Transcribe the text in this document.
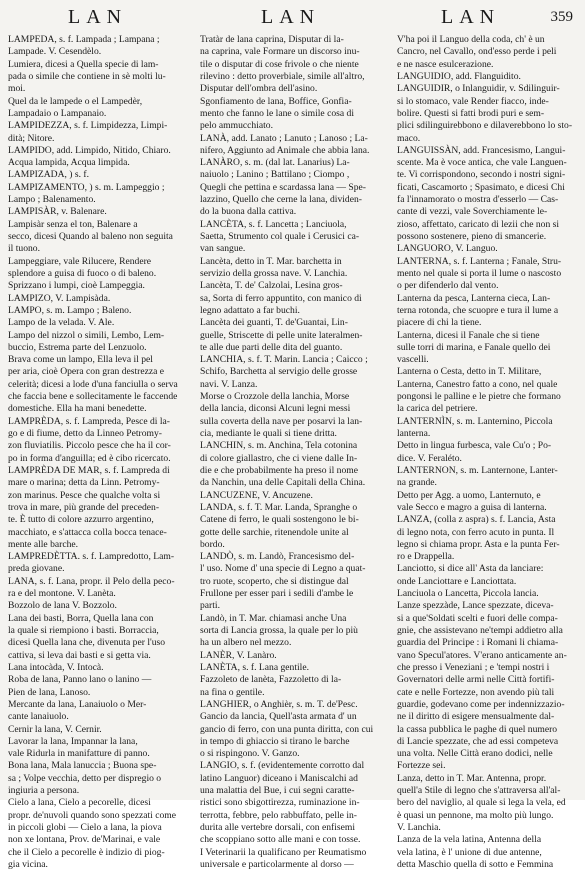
LAN	LAN	LAN	359
LAMPEDA, s. f. Lampada ; Lampana ;
Lampade. V. Cesendèlo.
Lumiera, dicesi a Quella specie di lam-
pada o simile che contiene in sè molti lu-
moi.
Quel da le lampede o el Lampedèr,
Lampadaio o Lampanaio.
LAMPIDEZZA, s. f. Limpidezza, Limpi-
dità; Nitore.
LAMPIDO, add. Limpido, Nitido, Chiaro.
Acqua lampida, Acqua limpida.
LAMPIZADA, ) s. f.
LAMPIZAMENTO, ) s. m. Lampeggio ;
Lampo ; Balenamento.
LAMPISÀR, v. Balenare.
Lampisàr senza el ton, Balenare a
secco, dicesi Quando al baleno non seguita
il tuono.
Lampeggiare, vale Rilucere, Rendere
splendore a guisa di fuoco o di baleno.
Sprizzano i lumpi, cioè Lampeggia.
LAMPIZO, V. Lampisàda.
LAMPO, s. m. Lampo ; Baleno.
Lampo de la velada. V. Ale.
Lampo del nizzol o simili, Lembo, Lem-
buccio, Estrema parte del Lenzuolo.
Brava come un lampo, Ella leva il pel
per aria, cioè Opera con gran destrezza e
celerità; dicesi a lode d'una fanciulla o serva
che faccia bene e sollecitamente le faccende
domestiche. Ella ha mani benedette.
LAMPRÈDA, s. f. Lampreda, Pesce di la-
go e di fiume, detto da Linneo Petromy-
zon fluviatilis. Piccolo pesce che ha il cor-
po in forma d'anguilla; ed è cibo ricercato.
LAMPRÈDA DE MAR, s. f. Lampreda di
mare o marina; detta da Linn. Petromy-
zon marinus. Pesce che qualche volta si
trova in mare, più grande del preceden-
te. È tutto di colore azzurro argentino,
macchiato, e s'attacca colla bocca tenace-
mente alle barche.
LAMPREDÈTTA. s. f. Lampredotto, Lam-
preda giovane.
LANA, s. f. Lana, propr. il Pelo della peco-
ra e del montone. V. Lanèta.
Bozzolo de lana V. Bozzolo.
Lana dei basti, Borra, Quella lana con
la quale si riempiono i basti. Borraccia,
dicesi Quella lana che, divenuta per l'uso
cattiva, si leva dai basti e si getta via.
Lana intocàda, V. Intocà.
Roba de lana, Panno lano o lanino —
Pien de lana, Lanoso.
Mercante da lana, Lanaiuolo o Mer-
cante lanaiuolo.
Cernir la lana, V. Cernir.
Lavorar la lana, Impannar la lana,
vale Ridurla in manifatture di panno.
Bona lana, Mala lanuccia ; Buona spe-
sa ; Volpe vecchia, detto per dispregio o
ingiuria a persona.
Cielo a lana, Cielo a pecorelle, dicesi
propr. de'nuvoli quando sono spezzati come
in piccoli globi — Cielo a lana, la piova
non xe lontana, Prov. de'Marinai, e vale
che il Cielo a pecorelle è indizio di piog-
gia vicina.
Tratàr de lana caprina, Disputar di la-
na caprina, vale Formare un discorso inu-
tile o disputar di cose frivole o che niente
rilevino : detto proverbiale, simile all'altro,
Disputar dell'ombra dell'asino.
Sgonfiamento de lana, Boffice, Gonfia-
mento che fanno le lane o simile cosa di
pelo ammucchiato.
LANÀ, add. Lanato ; Lanuto ; Lanoso ; La-
nifero, Aggiunto ad Animale che abbia lana.
LANÀRO, s. m. (dal lat. Lanarius) La-
naiuolo ; Lanino ; Battilano ; Ciompo ,
Quegli che pettina e scardassa lana — Spe-
lazzino, Quello che cerne la lana, dividen-
do la buona dalla cattiva.
LANCÈTA, s. f. Lancetta ; Lanciuola,
Saetta, Strumento col quale i Cerusici ca-
van sangue.
Lancèta, detto in T. Mar. barchetta in
servizio della grossa nave. V. Lanchia.
Lancèta, T. de' Calzolai, Lesina gros-
sa, Sorta di ferro appuntito, con manico di
legno adattato a far buchi.
Lancèta dei guanti, T. de'Guantai, Lin-
guelle, Striscette di pelle unite lateralmen-
te alle due parti delle dita del guanto.
LANCHIA, s. f. T. Marin. Lancia ; Caicco ;
Schifo, Barchetta al servigio delle grosse
navi. V. Lanza.
Morse o Crozzole della lanchia, Morse
della lancia, diconsi Alcuni legni messi
sulla coverta della nave per posarvi la lan-
cia, mediante le quali si tiene dritta.
LANCHIN, s. m. Anchina, Tela cotonina
di colore giallastro, che ci viene dalle In-
die e che probabilmente ha preso il nome
da Nanchin, una delle Capitali della China.
LANCUZENE, V. Ancuzene.
LANDA, s. f. T. Mar. Landa, Spranghe o
Catene di ferro, le quali sostengono le bi-
gotte delle sarchie, ritenendole unite al
bordo.
LANDÒ, s. m. Landò, Francesismo del-
l' uso. Nome d' una specie di Legno a quat-
tro ruote, scoperto, che si distingue dal
Frullone per esser pari i sedili d'ambe le
parti.
Landò, in T. Mar. chiamasi anche Una
sorta di Lancia grossa, la quale per lo più
ha un albero nel mezzo.
LANÈR, V. Lanàro.
LANÈTA, s. f. Lana gentile.
Fazzoleto de lanèta, Fazzoletto di la-
na fina o gentile.
LANGHIER, o Anghièr, s. m. T. de'Pesc.
Gancio da lancia, Quell'asta armata d' un
gancio di ferro, con una punta diritta, con cui
in tempo di ghiaccio si tirano le barche
o si rispingono. V. Ganzo.
LANGIO, s. f. (evidentemente corrotto dal
latino Languor) diceano i Maniscalchi ad
una malattia del Bue, i cui segni caratte-
ristici sono sbigottirezza, ruminazione in-
terrotta, febbre, pelo rabbuffato, pelle in-
durita alle vertebre dorsali, con enfisemi
che scoppiano sotto alle mani e con tosse.
I Veterinarii la qualificano per Reumatismo
universale e particolarmente al dorso —
V'ha poi il Languo della coda, ch' è un
Cancro, nel Cavallo, ond'esso perde i peli
e ne nasce esulcerazione.
LANGUIDIO, add. Flanguidito.
LANGUIDIR, o Inlanguidir, v. Sdilinguir-
si lo stomaco, vale Render fiacco, inde-
bolire. Questi si fatti brodi puri e sem-
plici sdilinguirebbono e dilaverebbono lo sto-
maco.
LANGUISSÀN, add. Francesismo, Langui-
scente. Ma è voce antica, che vale Languen-
te. Vi corrispondono, secondo i nostri signi-
ficati, Cascamorto ; Spasimato, e dicesi Chi
fa l'innamorato o mostra d'esserlo — Cas-
cante di vezzi, vale Soverchiamente le-
zioso, affettato, caricato di lezii che non si
possono sostenere, pieno di smancerie.
LANGUORO, V. Languo.
LANTERNA, s. f. Lanterna ; Fanale, Stru-
mento nel quale si porta il lume o nascosto
o per difenderlo dal vento.
Lanterna da pesca, Lanterna cieca, Lan-
terna rotonda, che scuopre e tura il lume a
piacere di chi la tiene.
Lanterna, dicesi il Fanale che si tiene
sulle torri di marina, e Fanale quello dei
vascelli.
Lanterna o Cesta, detto in T. Militare,
Lanterna, Canestro fatto a cono, nel quale
pongonsi le palline e le pietre che formano
la carica del petriere.
LANTERNÌN, s. m. Lanternino, Piccola
lanterna.
Detto in lingua furbesca, vale Cu'o ; Po-
dice. V. Feraléto.
LANTERNON, s. m. Lanternone, Lanter-
na grande.
Detto per Agg. a uomo, Lanternuto, e
vale Secco e magro a guisa di lanterna.
LANZA, (colla z aspra) s. f. Lancia, Asta
di legno nota, con ferro acuto in punta. Il
legno si chiama propr. Asta e la punta Fer-
ro e Drappella.
Lanciotto, si dice all' Asta da lanciare:
onde Lanciottare e Lanciottata.
Lanciuola o Lancetta, Piccola lancia.
Lanze spezzàde, Lance spezzate, diceva-
si a que'Soldati scelti e fuori delle compa-
gnie, che assistevano ne'tempi addietro alla
guardia del Principe : i Romani li chiama-
vano Specul'atores. V'erano anticamente an-
che presso i Veneziani ; e 'tempi nostri i
Governatori delle armi nelle Città fortifi-
cate e nelle Fortezze, non avendo più tali
guardie, godevano come per indennizzazio-
ne il diritto di esigere mensualmente dal-
la cassa pubblica le paghe di quel numero
di Lancie spezzate, che ad essi competeva
una volta. Nelle Città erano dodici, nelle
Fortezze sei.
Lanza, detto in T. Mar. Antenna, propr.
quell'a Stile di legno che s'attraversa all'al-
bero del naviglio, al quale si lega la vela, ed
è quasi un pennone, ma molto più lungo.
V. Lanchia.
Lanza de la vela latina, Antenna della
vela latina, è l' unione di due antenne,
detta Maschio quella di sotto e Femmina
